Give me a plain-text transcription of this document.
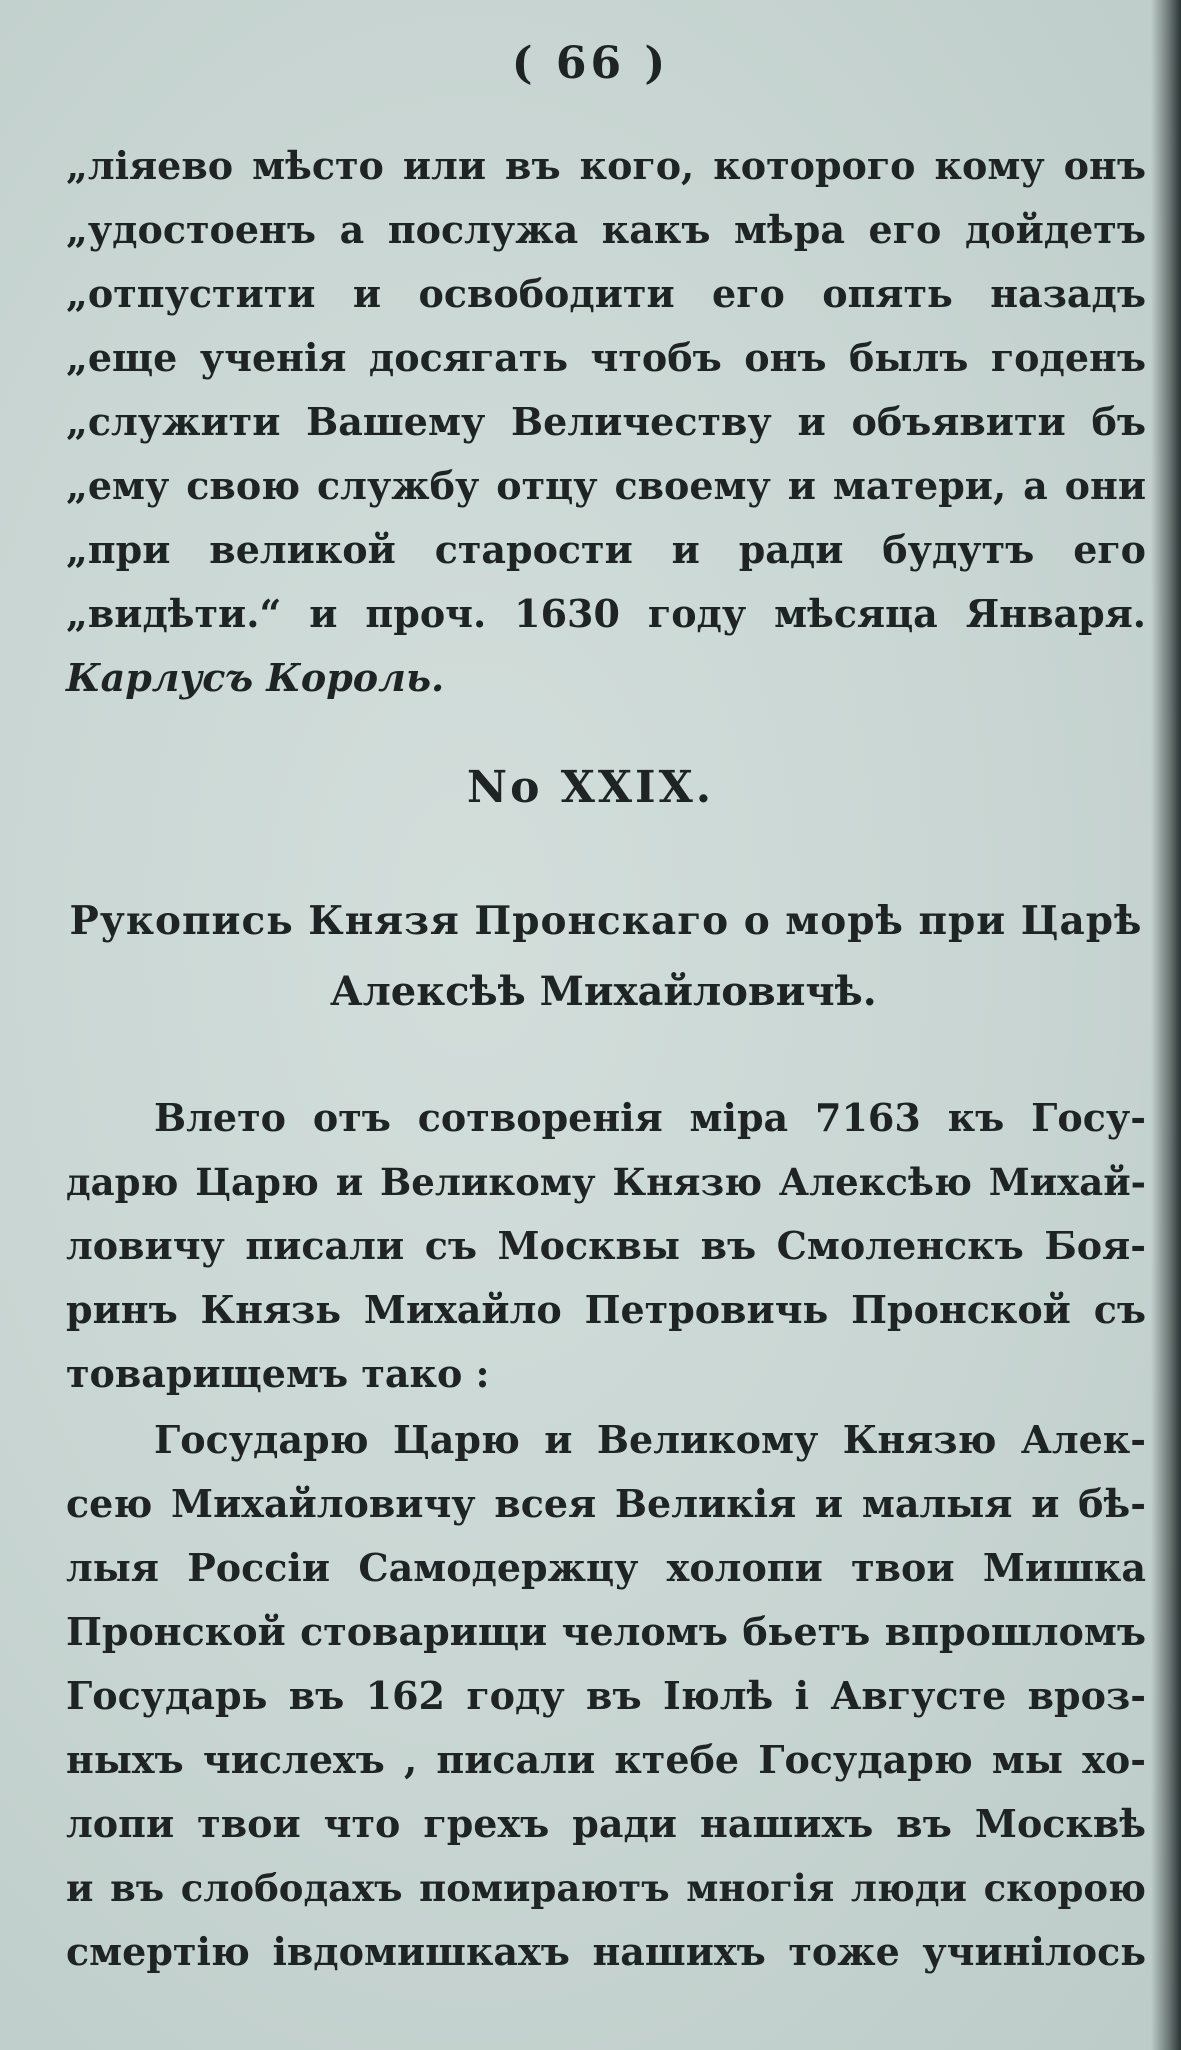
( 66 )
„ліяево мѣсто или въ кого, которого кому онъ
„удостоенъ а послужа какъ мѣра его дойдетъ
„отпустити и освободити его опять назадъ
„еще ученія досягать чтобъ онъ былъ годенъ
„служити Вашему Величеству и объявити бъ
„ему свою службу отцу своему и матери, а они
„при великой старости и ради будутъ его
„видѣти.“ и проч. 1630 году мѣсяца Января.
Карлусъ Король.
No XXIX.
Рукопись Князя Пронскаго о морѣ при Царѣ
Алексѣѣ Михайловичѣ.
Влето отъ сотворенія міра 7163 къ Госу-
дарю Царю и Великому Князю Алексѣю Михай-
ловичу писали съ Москвы въ Смоленскъ Боя-
ринъ Князь Михайло Петровичь Пронской съ
товарищемъ тако :
Государю Царю и Великому Князю Алек-
сею Михайловичу всея Великія и малыя и бѣ-
лыя Россіи Самодержцу холопи твои Мишка
Пронской стоварищи челомъ бьетъ впрошломъ
Государь въ 162 году въ Іюлѣ і Августе вроз-
ныхъ числехъ , писали ктебе Государю мы хо-
лопи твои что грехъ ради нашихъ въ Москвѣ
и въ слободахъ помираютъ многія люди скорою
смертію івдомишкахъ нашихъ тоже учинілось
